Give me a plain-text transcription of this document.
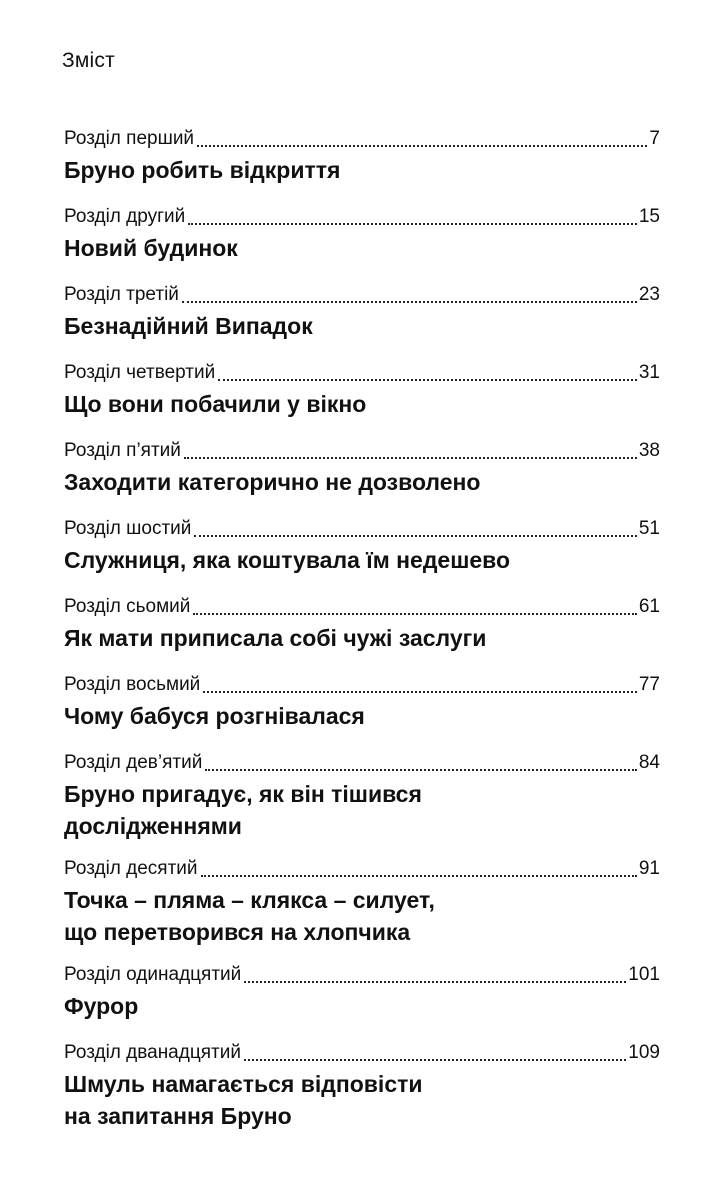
Зміст
Розділ перший	7
Бруно робить відкриття
Розділ другий	15
Новий будинок
Розділ третій	23
Безнадійний Випадок
Розділ четвертий	31
Що вони побачили у вікно
Розділ п’ятий	38
Заходити категорично не дозволено
Розділ шостий	51
Служниця, яка коштувала їм недешево
Розділ сьомий	61
Як мати приписала собі чужі заслуги
Розділ восьмий	77
Чому бабуся розгнівалася
Розділ дев’ятий	84
Бруно пригадує, як він тішився
дослідженнями
Розділ десятий	91
Точка – пляма – клякса – силует,
що перетворився на хлопчика
Розділ одинадцятий	101
Фурор
Розділ дванадцятий	109
Шмуль намагається відповісти
на запитання Бруно
